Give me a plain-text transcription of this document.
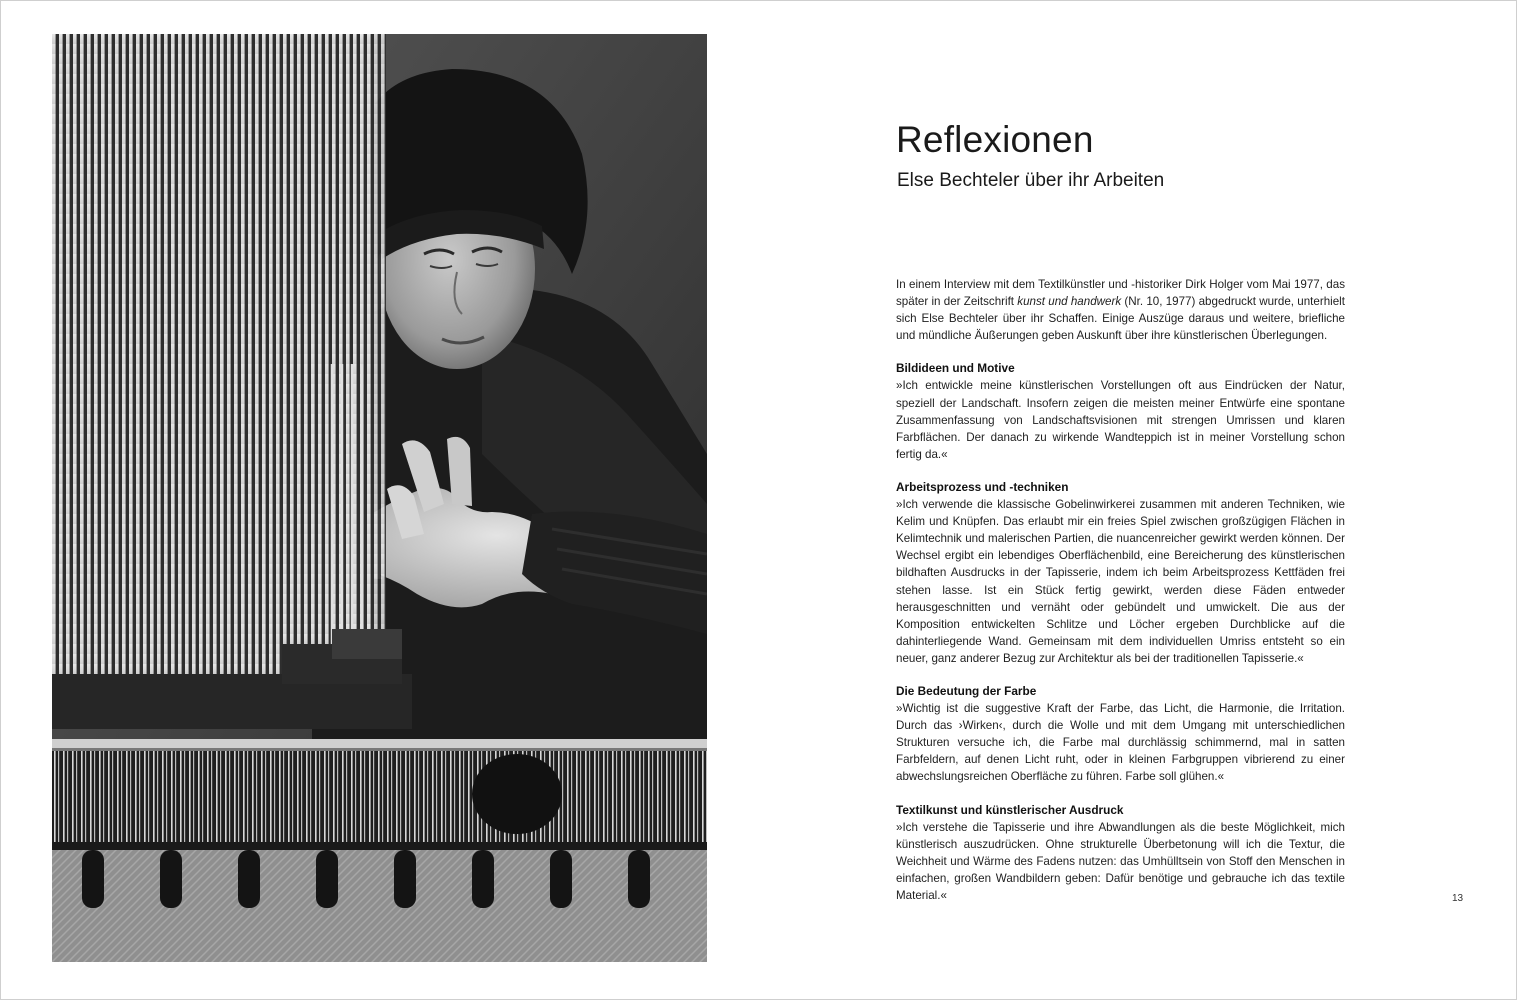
Reflexionen
Else Bechteler über ihr Arbeiten

In einem Interview mit dem Textilkünstler und -historiker Dirk Holger vom Mai 1977, das später in der Zeitschrift kunst und handwerk (Nr. 10, 1977) abgedruckt wurde, unterhielt sich Else Bechteler über ihr Schaffen. Einige Auszüge daraus und weitere, briefliche und mündliche Äußerungen geben Auskunft über ihre künstlerischen Überlegungen.

Bildideen und Motive

»Ich entwickle meine künstlerischen Vorstellungen oft aus Eindrücken der Natur, speziell der Landschaft. Insofern zeigen die meisten meiner Entwürfe eine spontane Zusammenfassung von Landschaftsvisionen mit strengen Umrissen und klaren Farbflächen. Der danach zu wirkende Wandteppich ist in meiner Vorstellung schon fertig da.«

Arbeitsprozess und -techniken

»Ich verwende die klassische Gobelinwirkerei zusammen mit anderen Techniken, wie Kelim und Knüpfen. Das erlaubt mir ein freies Spiel zwischen großzügigen Flächen in Kelimtechnik und malerischen Partien, die nuancenreicher gewirkt werden können. Der Wechsel ergibt ein lebendiges Oberflächenbild, eine Bereicherung des künstlerischen bildhaften Ausdrucks in der Tapisserie, indem ich beim Arbeitsprozess Kettfäden frei stehen lasse. Ist ein Stück fertig gewirkt, werden diese Fäden entweder herausgeschnitten und vernäht oder gebündelt und umwickelt. Die aus der Komposition entwickelten Schlitze und Löcher ergeben Durchblicke auf die dahinterliegende Wand. Gemeinsam mit dem individuellen Umriss entsteht so ein neuer, ganz anderer Bezug zur Architektur als bei der traditionellen Tapisserie.«

Die Bedeutung der Farbe

»Wichtig ist die suggestive Kraft der Farbe, das Licht, die Harmonie, die Irritation. Durch das ›Wirken‹, durch die Wolle und mit dem Umgang mit unterschiedlichen Strukturen versuche ich, die Farbe mal durchlässig schimmernd, mal in satten Farbfeldern, auf denen Licht ruht, oder in kleinen Farbgruppen vibrierend zu einer abwechslungsreichen Oberfläche zu führen. Farbe soll glühen.«

Textilkunst und künstlerischer Ausdruck

»Ich verstehe die Tapisserie und ihre Abwandlungen als die beste Möglichkeit, mich künstlerisch auszudrücken. Ohne strukturelle Überbetonung will ich die Textur, die Weichheit und Wärme des Fadens nutzen: das Umhülltsein von Stoff den Menschen in einfachen, großen Wandbildern geben: Dafür benötige und gebrauche ich das textile Material.«	13
